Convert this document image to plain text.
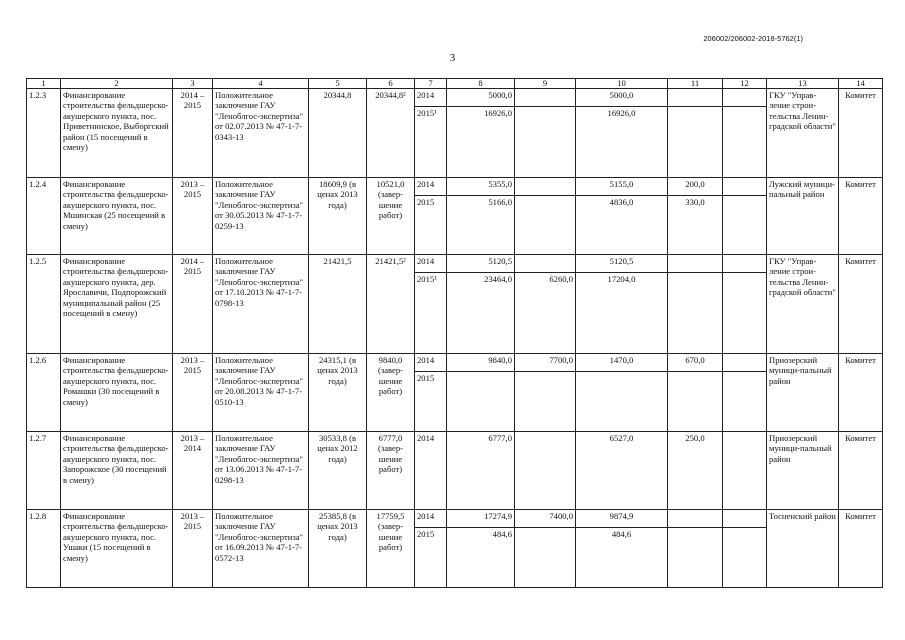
206002/206002-2018-5762(1)
3
1	2	3	4	5	6	7	8	9	10	11	12	13	14
1.2.3	Финансирование строительства фельдшерско-акушерского пункта, пос. Приветнинское, Выборгский район (15 посещений в смену)	2014 – 2015	Положительное заключение ГАУ "Леноблгос-экспертиза" от 02.07.2013 № 47-1-7-0343-13	20344,8	20344,8²	2014	5000,0		5000,0			ГКУ "Управ-ление строи-тельства Ленин-градской области"	Комитет
						2015¹	16926,0		16926,0				
1.2.4	Финансирование строительства фельдшерско-акушерского пункта, пос. Мшинская (25 посещений в смену)	2013 – 2015	Положительное заключение ГАУ "Леноблгос-экспертиза" от 30.05.2013 № 47-1-7-0259-13	18609,9 (в ценах 2013 года)	10521,0 (завер-шение работ)	2014	5355,0		5155,0	200,0		Лужский муници-пальный район	Комитет
						2015	5166,0		4836,0	330,0			
1.2.5	Финансирование строительства фельдшерско-акушерского пункта, дер. Ярославичи, Подпорожский муниципальный район (25 посещений в смену)	2014 – 2015	Положительное заключение ГАУ "Леноблгос-экспертиза" от 17.10.2013 № 47-1-7-0798-13	21421,5	21421,5²	2014	5120,5		5120,5			ГКУ "Управ-ление строи-тельства Ленин-градской области"	Комитет
						2015¹	23464,0	6260,0	17204,0				
1.2.6	Финансирование строительства фельдшерско-акушерского пункта, пос. Ромашки (30 посещений в смену)	2013 – 2015	Положительное заключение ГАУ "Леноблгос-экспертиза" от 20.08.2013 № 47-1-7-0510-13	24315,1 (в ценах 2013 года)	9840,0 (завер-шение работ)	2014	9840,0	7700,0	1470,0	670,0		Приозерский муници-пальный район	Комитет
						2015							
1.2.7	Финансирование строительства фельдшерско-акушерского пункта, пос. Запорожское (30 посещений в смену)	2013 – 2014	Положительное заключение ГАУ "Леноблгос-экспертиза" от 13.06.2013 № 47-1-7-0298-13	30533,8 (в ценах 2012 года)	6777,0 (завер-шение работ)	2014	6777,0		6527,0	250,0		Приозерский муници-пальный район	Комитет
1.2.8	Финансирование строительства фельдшерско-акушерского пункта, пос. Ушаки (15 посещений в смену)	2013 – 2015	Положительное заключение ГАУ "Леноблгос-экспертиза" от 16.09.2013 № 47-1-7-0572-13	25385,8 (в ценах 2013 года)	17759,5 (завер-шение работ)	2014	17274,9	7400,0	9874,9			Тосненский район	Комитет
						2015	484,6		484,6				
